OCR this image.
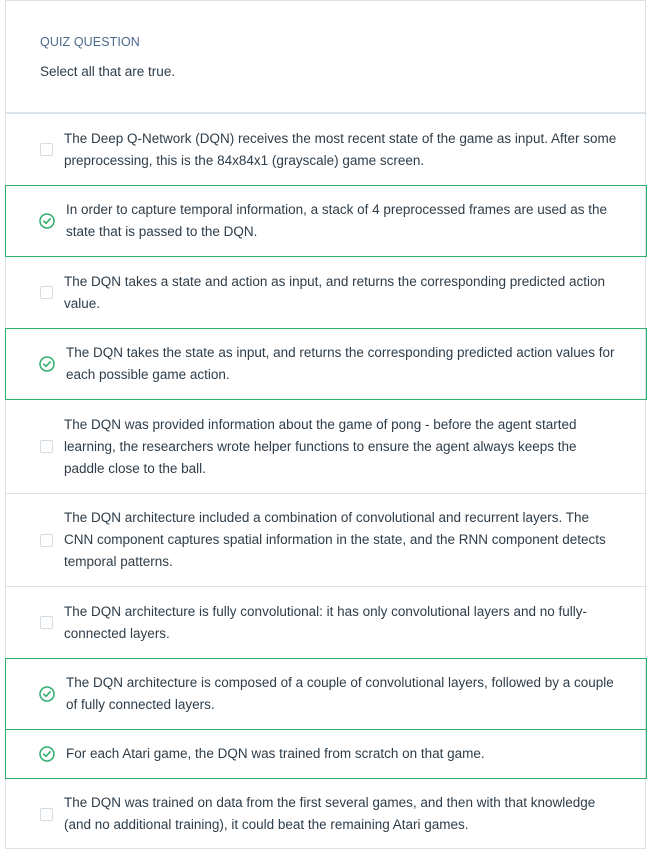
QUIZ QUESTION
Select all that are true.
The Deep Q-Network (DQN) receives the most recent state of the game as input. After some preprocessing, this is the 84x84x1 (grayscale) game screen.
In order to capture temporal information, a stack of 4 preprocessed frames are used as the state that is passed to the DQN.
The DQN takes a state and action as input, and returns the corresponding predicted action value.
The DQN takes the state as input, and returns the corresponding predicted action values for each possible game action.
The DQN was provided information about the game of pong - before the agent started learning, the researchers wrote helper functions to ensure the agent always keeps the paddle close to the ball.
The DQN architecture included a combination of convolutional and recurrent layers. The CNN component captures spatial information in the state, and the RNN component detects temporal patterns.
The DQN architecture is fully convolutional: it has only convolutional layers and no fully-connected layers.
The DQN architecture is composed of a couple of convolutional layers, followed by a couple of fully connected layers.
For each Atari game, the DQN was trained from scratch on that game.
The DQN was trained on data from the first several games, and then with that knowledge (and no additional training), it could beat the remaining Atari games.
